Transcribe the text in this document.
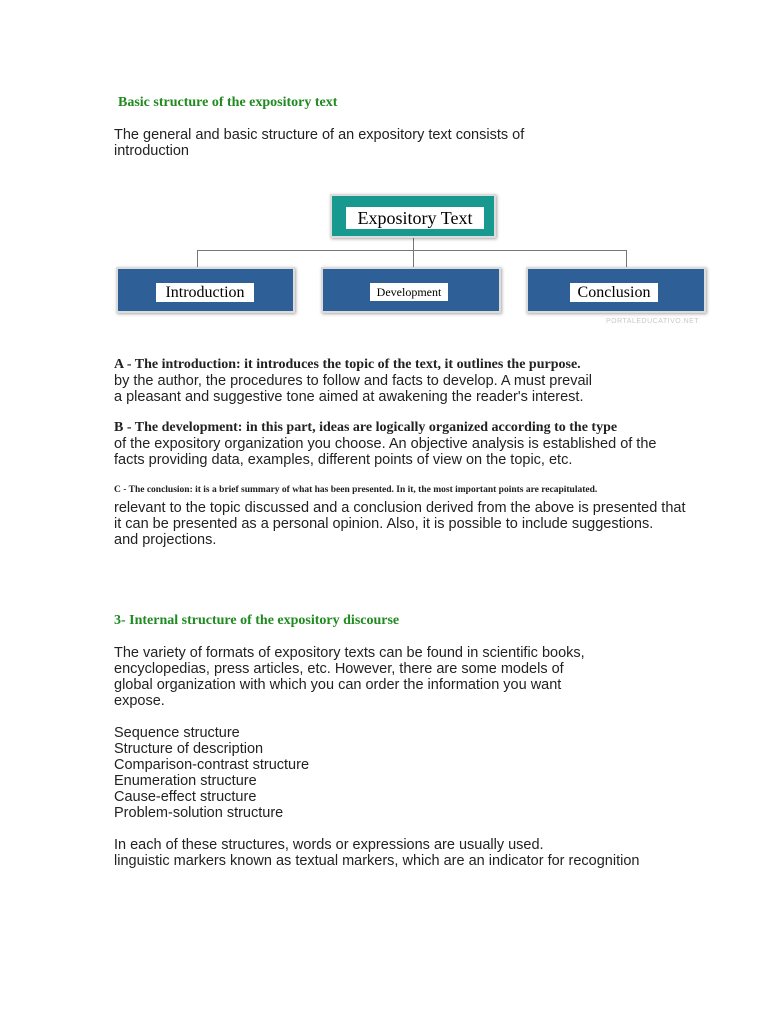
Basic structure of the expository text
The general and basic structure of an expository text consists of
introduction
Expository Text
Introduction	Development	Conclusion
PORTALEDUCATIVO.NET
A - The introduction: it introduces the topic of the text, it outlines the purpose.
by the author, the procedures to follow and facts to develop. A must prevail
a pleasant and suggestive tone aimed at awakening the reader's interest.
B - The development: in this part, ideas are logically organized according to the type
of the expository organization you choose. An objective analysis is established of the
facts providing data, examples, different points of view on the topic, etc.
C - The conclusion: it is a brief summary of what has been presented. In it, the most important points are recapitulated.
relevant to the topic discussed and a conclusion derived from the above is presented that
it can be presented as a personal opinion. Also, it is possible to include suggestions.
and projections.
3- Internal structure of the expository discourse
The variety of formats of expository texts can be found in scientific books,
encyclopedias, press articles, etc. However, there are some models of
global organization with which you can order the information you want
expose.
Sequence structure
Structure of description
Comparison-contrast structure
Enumeration structure
Cause-effect structure
Problem-solution structure
In each of these structures, words or expressions are usually used.
linguistic markers known as textual markers, which are an indicator for recognition
